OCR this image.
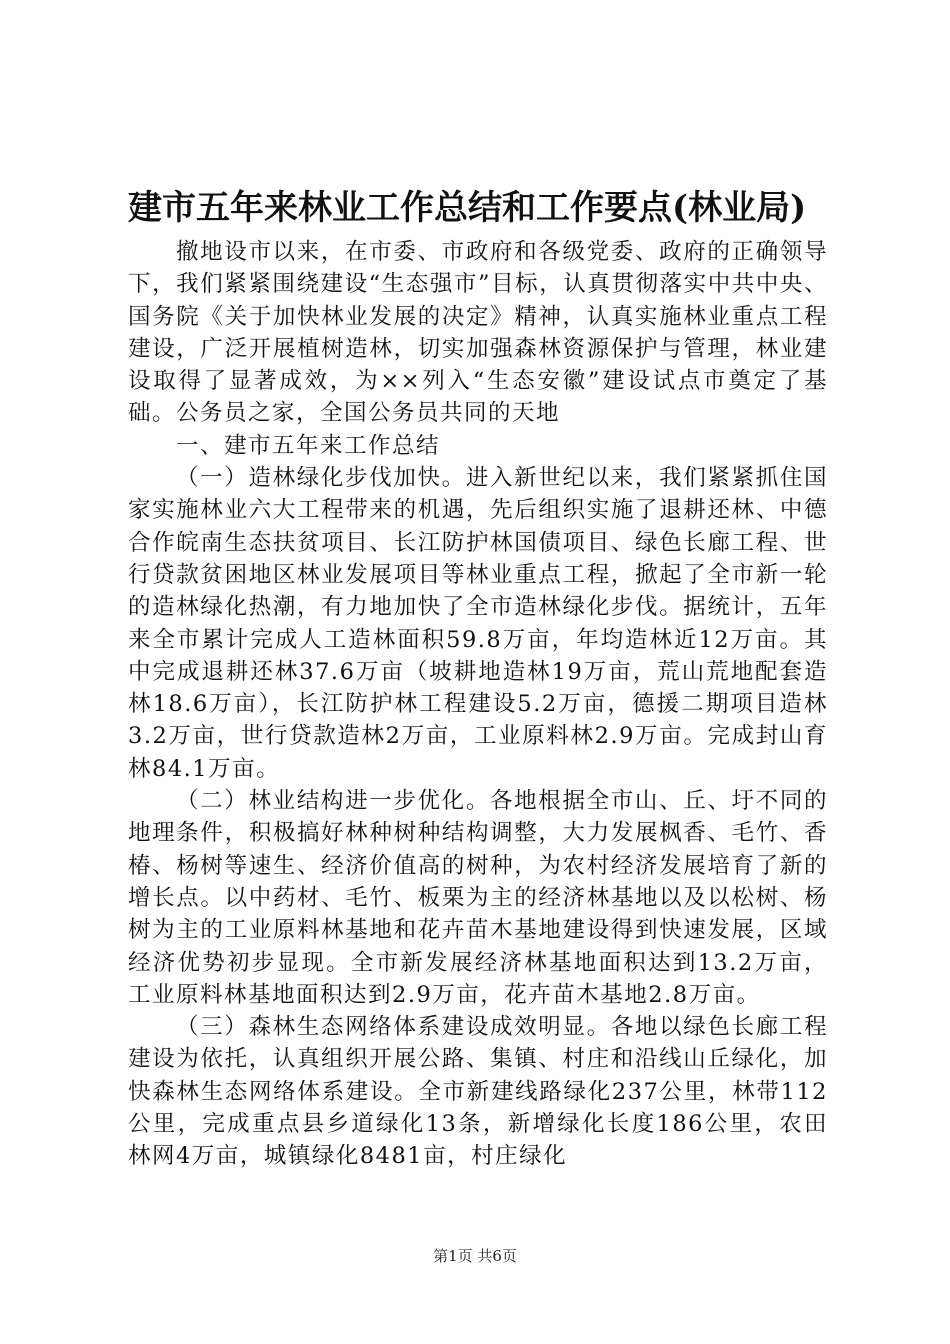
建市五年来林业工作总结和工作要点(林业局)

撤地设市以来，在市委、市政府和各级党委、政府的正确领导下，我们紧紧围绕建设“生态强市”目标，认真贯彻落实中共中央、国务院《关于加快林业发展的决定》精神，认真实施林业重点工程建设，广泛开展植树造林，切实加强森林资源保护与管理，林业建设取得了显著成效，为××列入“生态安徽”建设试点市奠定了基础。公务员之家，全国公务员共同的天地

一、建市五年来工作总结

（一）造林绿化步伐加快。进入新世纪以来，我们紧紧抓住国家实施林业六大工程带来的机遇，先后组织实施了退耕还林、中德合作皖南生态扶贫项目、长江防护林国债项目、绿色长廊工程、世行贷款贫困地区林业发展项目等林业重点工程，掀起了全市新一轮的造林绿化热潮，有力地加快了全市造林绿化步伐。据统计，五年来全市累计完成人工造林面积59.8万亩，年均造林近12万亩。其中完成退耕还林37.6万亩（坡耕地造林19万亩，荒山荒地配套造林18.6万亩），长江防护林工程建设5.2万亩，德援二期项目造林3.2万亩，世行贷款造林2万亩，工业原料林2.9万亩。完成封山育林84.1万亩。

（二）林业结构进一步优化。各地根据全市山、丘、圩不同的地理条件，积极搞好林种树种结构调整，大力发展枫香、毛竹、香椿、杨树等速生、经济价值高的树种，为农村经济发展培育了新的增长点。以中药材、毛竹、板栗为主的经济林基地以及以松树、杨树为主的工业原料林基地和花卉苗木基地建设得到快速发展，区域经济优势初步显现。全市新发展经济林基地面积达到13.2万亩，工业原料林基地面积达到2.9万亩，花卉苗木基地2.8万亩。

（三）森林生态网络体系建设成效明显。各地以绿色长廊工程建设为依托，认真组织开展公路、集镇、村庄和沿线山丘绿化，加快森林生态网络体系建设。全市新建线路绿化237公里，林带112公里，完成重点县乡道绿化13条，新增绿化长度186公里，农田林网4万亩，城镇绿化8481亩，村庄绿化

第1页 共6页
